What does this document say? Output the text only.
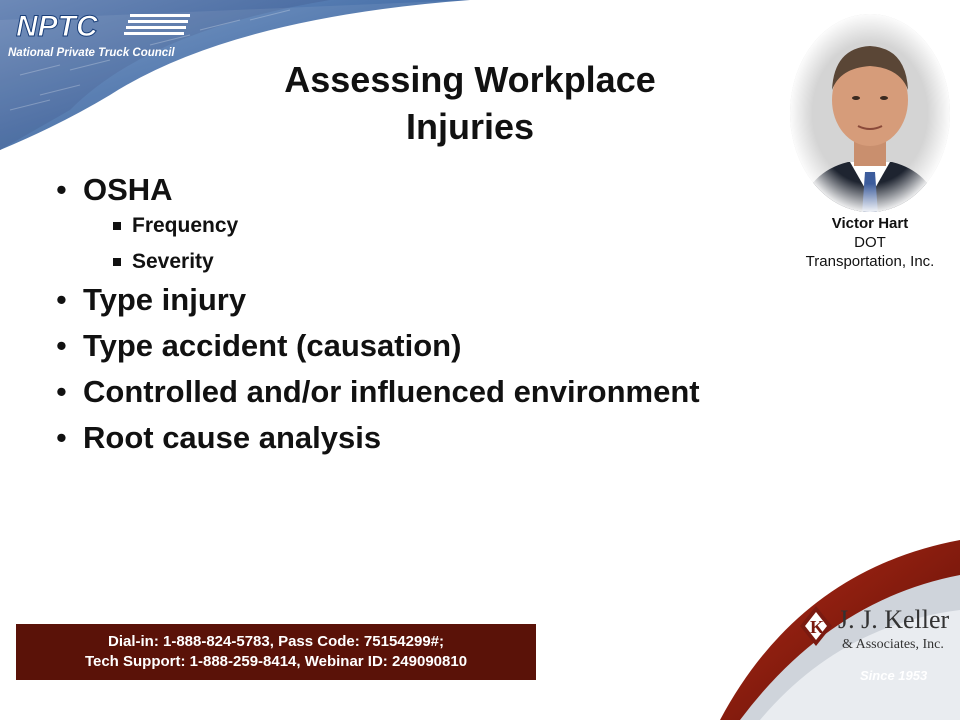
NPTC
National Private Truck Council
Assessing Workplace
Injuries
• OSHA
Frequency
Severity
• Type injury
• Type accident (causation)
• Controlled and/or influenced environment
• Root cause analysis
Victor Hart
DOT
Transportation, Inc.
K J. J. Keller
& Associates, Inc.
Since 1953
Dial-in: 1-888-824-5783, Pass Code: 75154299#;
Tech Support: 1-888-259-8414, Webinar ID: 249090810
